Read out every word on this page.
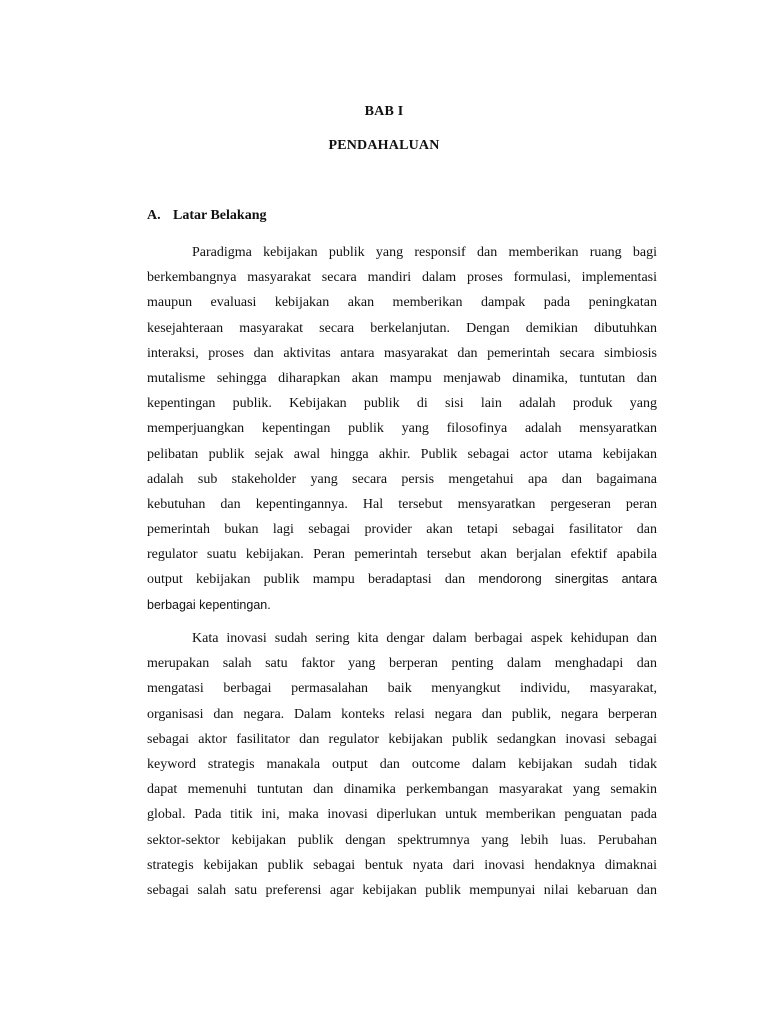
BAB I
PENDAHALUAN
A. Latar Belakang
Paradigma kebijakan publik yang responsif dan memberikan ruang bagi
berkembangnya masyarakat secara mandiri dalam proses formulasi, implementasi
maupun evaluasi kebijakan akan memberikan dampak pada peningkatan
kesejahteraan masyarakat secara berkelanjutan. Dengan demikian dibutuhkan
interaksi, proses dan aktivitas antara masyarakat dan pemerintah secara simbiosis
mutalisme sehingga diharapkan akan mampu menjawab dinamika, tuntutan dan
kepentingan publik. Kebijakan publik di sisi lain adalah produk yang
memperjuangkan kepentingan publik yang filosofinya adalah mensyaratkan
pelibatan publik sejak awal hingga akhir. Publik sebagai actor utama kebijakan
adalah sub stakeholder yang secara persis mengetahui apa dan bagaimana
kebutuhan dan kepentingannya. Hal tersebut mensyaratkan pergeseran peran
pemerintah bukan lagi sebagai provider akan tetapi sebagai fasilitator dan
regulator suatu kebijakan. Peran pemerintah tersebut akan berjalan efektif apabila
output kebijakan publik mampu beradaptasi dan mendorong sinergitas antara
berbagai kepentingan.
Kata inovasi sudah sering kita dengar dalam berbagai aspek kehidupan dan
merupakan salah satu faktor yang berperan penting dalam menghadapi dan
mengatasi berbagai permasalahan baik menyangkut individu, masyarakat,
organisasi dan negara. Dalam konteks relasi negara dan publik, negara berperan
sebagai aktor fasilitator dan regulator kebijakan publik sedangkan inovasi sebagai
keyword strategis manakala output dan outcome dalam kebijakan sudah tidak
dapat memenuhi tuntutan dan dinamika perkembangan masyarakat yang semakin
global. Pada titik ini, maka inovasi diperlukan untuk memberikan penguatan pada
sektor-sektor kebijakan publik dengan spektrumnya yang lebih luas. Perubahan
strategis kebijakan publik sebagai bentuk nyata dari inovasi hendaknya dimaknai
sebagai salah satu preferensi agar kebijakan publik mempunyai nilai kebaruan dan
